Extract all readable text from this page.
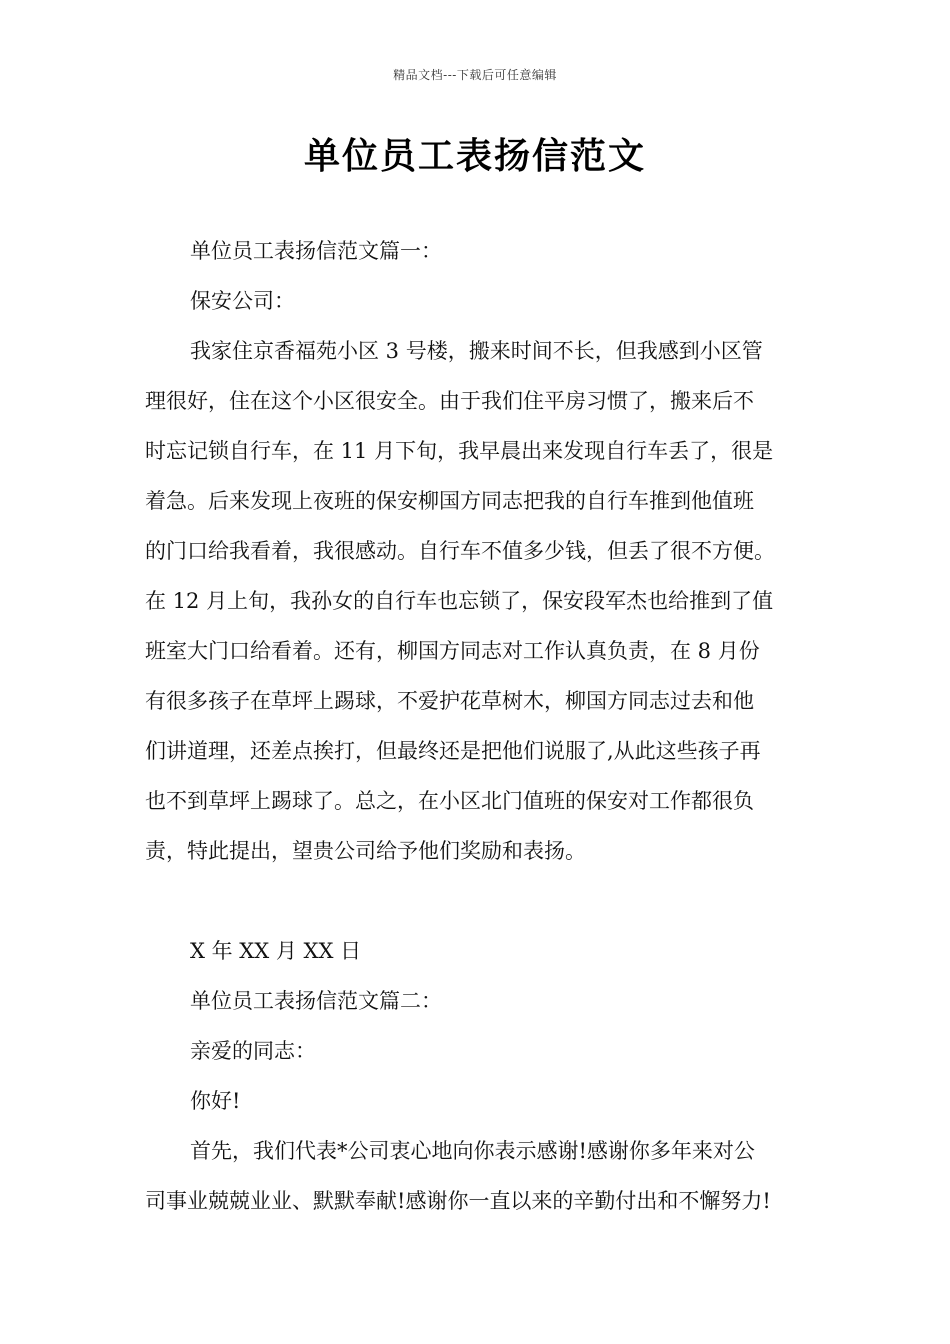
精品文档---下载后可任意编辑
单位员工表扬信范文
单位员工表扬信范文篇一：
保安公司：
我家住京香福苑小区 3 号楼，搬来时间不长，但我感到小区管
理很好，住在这个小区很安全。由于我们住平房习惯了，搬来后不
时忘记锁自行车，在 11 月下旬，我早晨出来发现自行车丢了，很是
着急。后来发现上夜班的保安柳国方同志把我的自行车推到他值班
的门口给我看着，我很感动。自行车不值多少钱，但丢了很不方便。
在 12 月上旬，我孙女的自行车也忘锁了，保安段军杰也给推到了值
班室大门口给看着。还有，柳国方同志对工作认真负责，在 8 月份
有很多孩子在草坪上踢球，不爱护花草树木，柳国方同志过去和他
们讲道理，还差点挨打，但最终还是把他们说服了,从此这些孩子再
也不到草坪上踢球了。总之，在小区北门值班的保安对工作都很负
责，特此提出，望贵公司给予他们奖励和表扬。
X 年 XX 月 XX 日
单位员工表扬信范文篇二：
亲爱的同志：
你好!
首先，我们代表*公司衷心地向你表示感谢!感谢你多年来对公
司事业兢兢业业、默默奉献!感谢你一直以来的辛勤付出和不懈努力!
